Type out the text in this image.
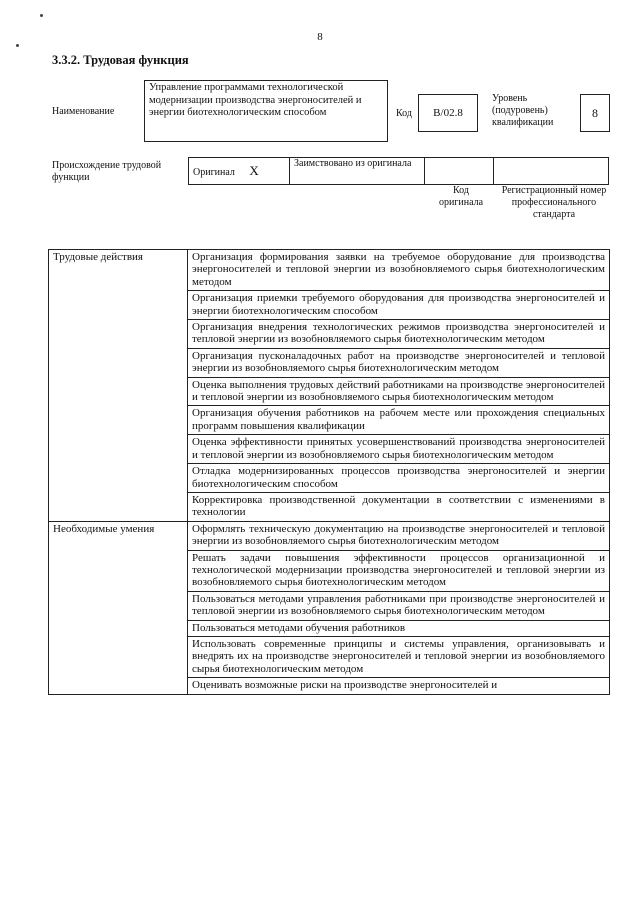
8
3.3.2. Трудовая функция
Наименование
Управление программами технологической модернизации производства энергоносителей и энергии биотехнологическим способом	Код	В/02.8
Уровень (подуровень) квалификации
8
Происхождение трудовой функции	Оригинал X	Заимствовано из оригинала		
Код оригинала
Регистрационный номер профессионального стандарта
Трудовые действия	Организация формирования заявки на требуемое оборудование для производства энергоносителей и тепловой энергии из возобновляемого сырья биотехнологическим методом
	Организация приемки требуемого оборудования для производства энергоносителей и энергии биотехнологическим способом
	Организация внедрения технологических режимов производства энергоносителей и тепловой энергии из возобновляемого сырья биотехнологическим методом
	Организация пусконаладочных работ на производстве энергоносителей и тепловой энергии из возобновляемого сырья биотехнологическим методом
	Оценка выполнения трудовых действий работниками на производстве энергоносителей и тепловой энергии из возобновляемого сырья биотехнологическим методом
	Организация обучения работников на рабочем месте или прохождения специальных программ повышения квалификации
	Оценка эффективности принятых усовершенствований производства энергоносителей и тепловой энергии из возобновляемого сырья биотехнологическим методом
	Отладка модернизированных процессов производства энергоносителей и энергии биотехнологическим способом
	Корректировка производственной документации в соответствии с изменениями в технологии
Необходимые умения	Оформлять техническую документацию на производстве энергоносителей и тепловой энергии из возобновляемого сырья биотехнологическим методом
	Решать задачи повышения эффективности процессов организационной и технологической модернизации производства энергоносителей и тепловой энергии из возобновляемого сырья биотехнологическим методом
	Пользоваться методами управления работниками при производстве энергоносителей и тепловой энергии из возобновляемого сырья биотехнологическим методом
	Пользоваться методами обучения работников
	Использовать современные принципы и системы управления, организовывать и внедрять их на производстве энергоносителей и тепловой энергии из возобновляемого сырья биотехнологическим методом
	Оценивать возможные риски на производстве энергоносителей и
